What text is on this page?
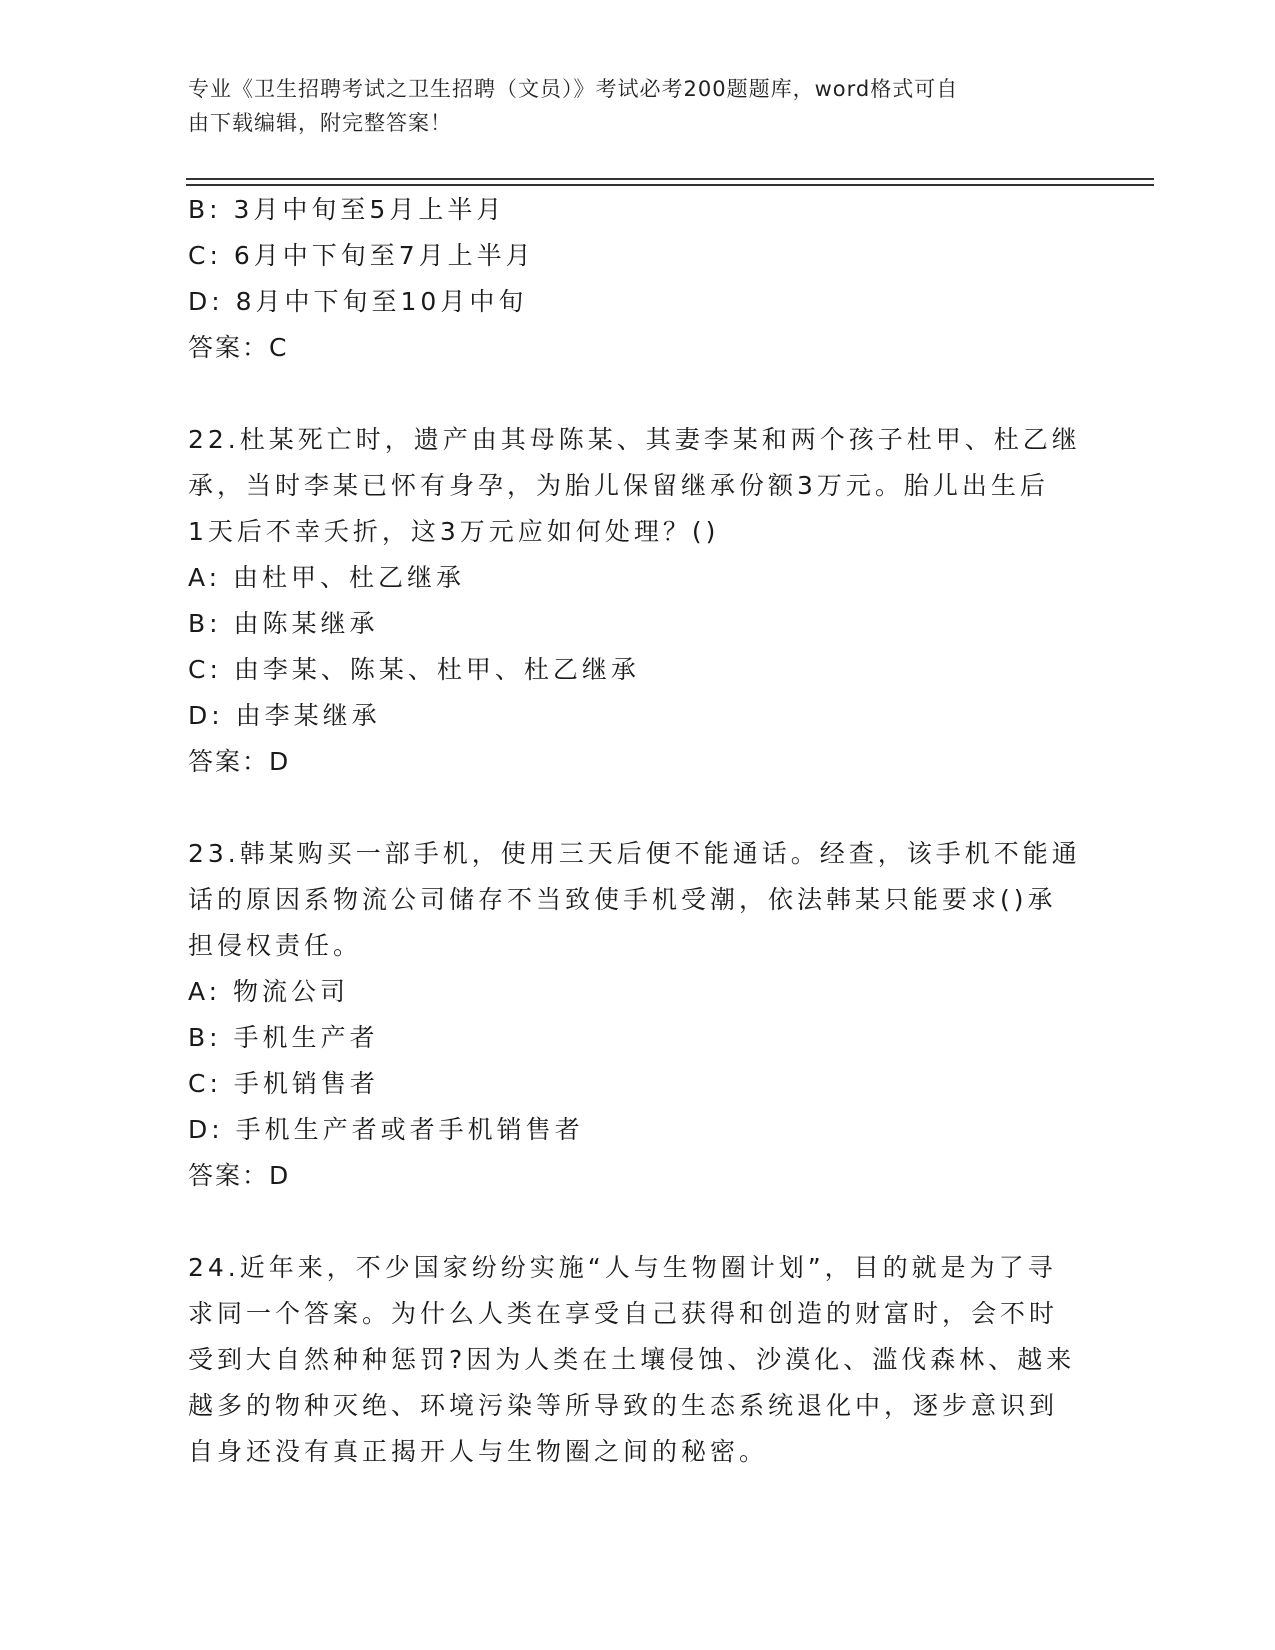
专业《卫生招聘考试之卫生招聘（文员）》考试必考200题题库，word格式可自
由下载编辑，附完整答案！
B: 3月中旬至5月上半月
C: 6月中下旬至7月上半月
D: 8月中下旬至10月中旬
答案：C
22.杜某死亡时，遗产由其母陈某、其妻李某和两个孩子杜甲、杜乙继
承，当时李某已怀有身孕，为胎儿保留继承份额3万元。胎儿出生后
1天后不幸夭折，这3万元应如何处理？()
A: 由杜甲、杜乙继承
B: 由陈某继承
C: 由李某、陈某、杜甲、杜乙继承
D: 由李某继承
答案：D
23.韩某购买一部手机，使用三天后便不能通话。经查，该手机不能通
话的原因系物流公司储存不当致使手机受潮，依法韩某只能要求()承
担侵权责任。
A: 物流公司
B: 手机生产者
C: 手机销售者
D: 手机生产者或者手机销售者
答案：D
24.近年来，不少国家纷纷实施“人与生物圈计划”，目的就是为了寻
求同一个答案。为什么人类在享受自己获得和创造的财富时，会不时
受到大自然种种惩罚?因为人类在土壤侵蚀、沙漠化、滥伐森林、越来
越多的物种灭绝、环境污染等所导致的生态系统退化中，逐步意识到
自身还没有真正揭开人与生物圈之间的秘密。
